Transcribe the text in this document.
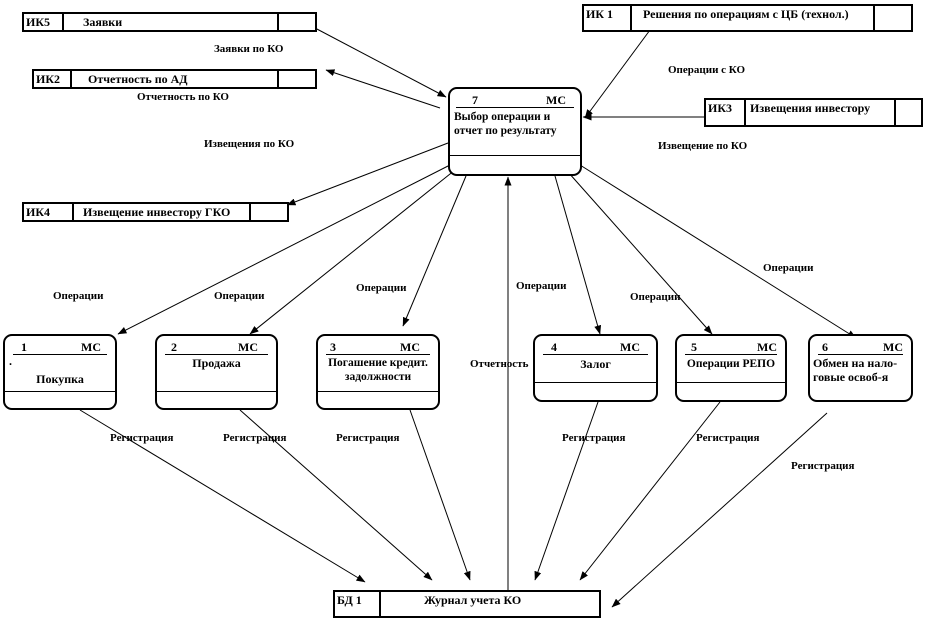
ИК5	Заявки
ИК 1	Решения по операциям с ЦБ (технол.)
ИК2	Отчетность по АД
ИК3	Извещения инвестору
ИК4	Извещение инвестору ГКО
БД 1	Журнал учета КО
7	МС
Выбор операции и отчет по результату
1	МС
.
Покупка
2	МС
Продажа
3	МС
Погашение кредит. задолжности
4	МС
Залог
5	МС
Операции РЕПО
6	МС
Обмен на нало-говые освоб-я
Заявки по КО
Отчетность по КО
Извещения по КО
Операции с КО
Извещение по КО
Операции	Операции
Операции	Операции
Операции
Операции
Отчетность
Регистрация	Регистрация	Регистрация	Регистрация	Регистрация
Регистрация
